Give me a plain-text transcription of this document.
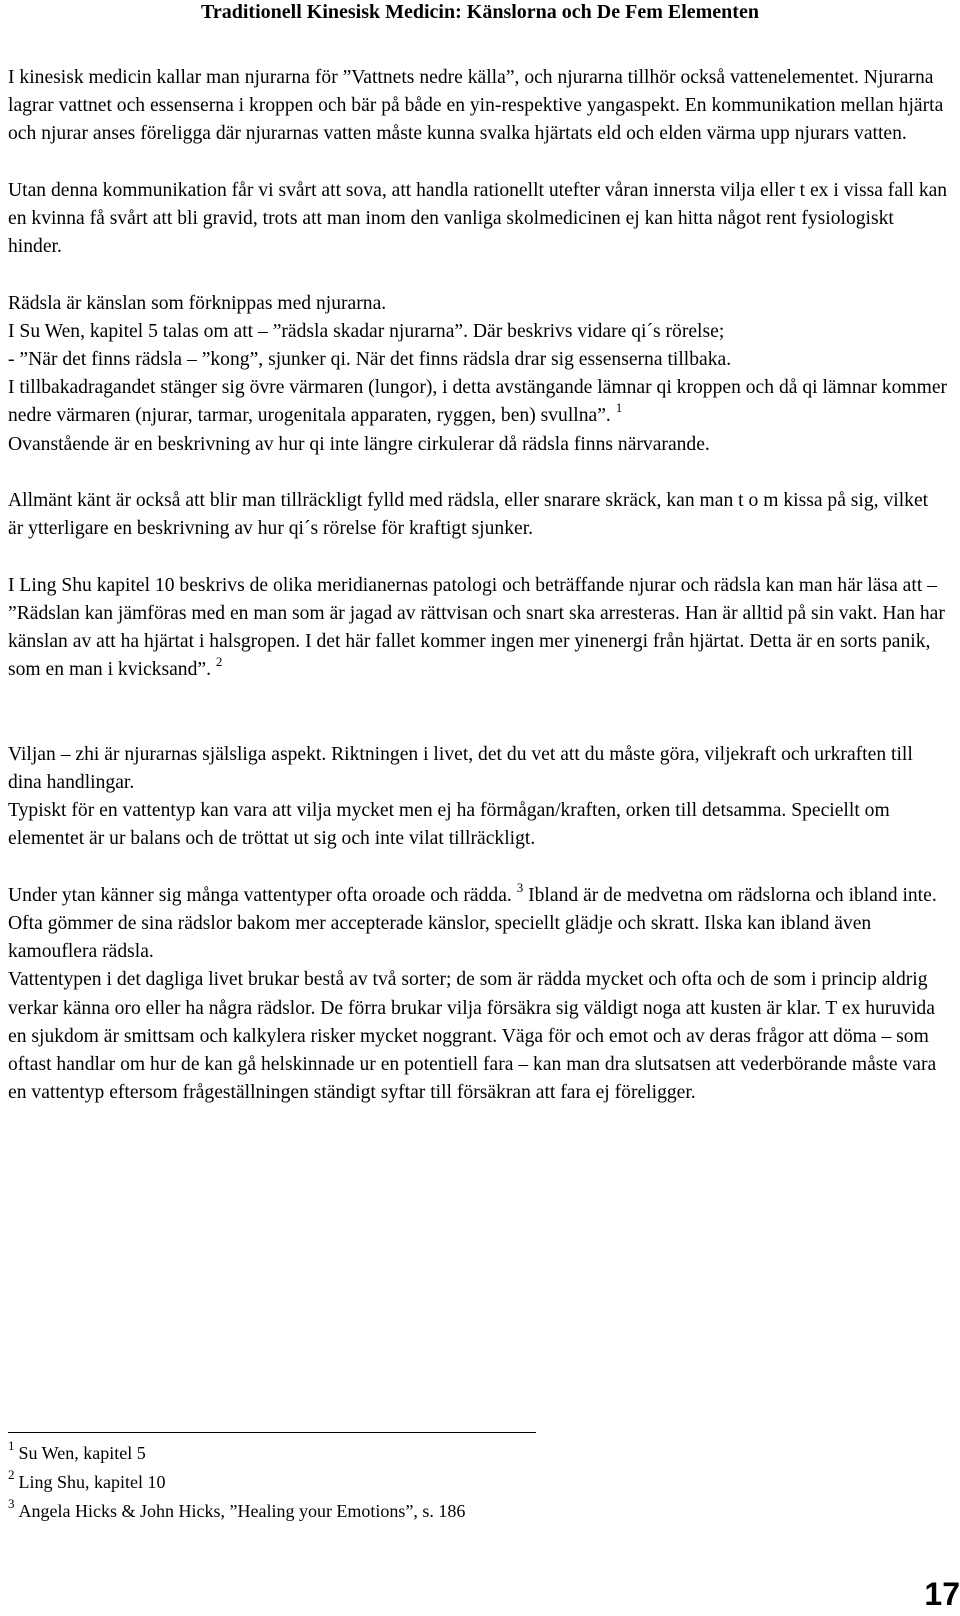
Traditionell Kinesisk Medicin: Känslorna och De Fem Elementen

I kinesisk medicin kallar man njurarna för ”Vattnets nedre källa”, och njurarna tillhör också vattenelementet. Njurarna lagrar vattnet och essenserna i kroppen och bär på både en yin-respektive yangaspekt. En kommunikation mellan hjärta och njurar anses föreligga där njurarnas vatten måste kunna svalka hjärtats eld och elden värma upp njurars vatten.

Utan denna kommunikation får vi svårt att sova, att handla rationellt utefter våran innersta vilja eller t ex i vissa fall kan en kvinna få svårt att bli gravid, trots att man inom den vanliga skolmedicinen ej kan hitta något rent fysiologiskt hinder.

Rädsla är känslan som förknippas med njurarna.

I Su Wen, kapitel 5 talas om att – ”rädsla skadar njurarna”. Där beskrivs vidare qi´s rörelse;

- ”När det finns rädsla – ”kong”, sjunker qi. När det finns rädsla drar sig essenserna tillbaka.

I tillbakadragandet stänger sig övre värmaren (lungor), i detta avstängande lämnar qi kroppen och då qi lämnar kommer nedre värmaren (njurar, tarmar, urogenitala apparaten, ryggen, ben) svullna”. $^1$

Ovanstående är en beskrivning av hur qi inte längre cirkulerar då rädsla finns närvarande.

Allmänt känt är också att blir man tillräckligt fylld med rädsla, eller snarare skräck, kan man t o m kissa på sig, vilket är ytterligare en beskrivning av hur qi´s rörelse för kraftigt sjunker.

I Ling Shu kapitel 10 beskrivs de olika meridianernas patologi och beträffande njurar och rädsla kan man här läsa att – ”Rädslan kan jämföras med en man som är jagad av rättvisan och snart ska arresteras. Han är alltid på sin vakt. Han har känslan av att ha hjärtat i halsgropen. I det här fallet kommer ingen mer yinenergi från hjärtat. Detta är en sorts panik, som en man i kvicksand”. $^2$

Viljan – zhi är njurarnas själsliga aspekt. Riktningen i livet, det du vet att du måste göra, viljekraft och urkraften till dina handlingar.

Typiskt för en vattentyp kan vara att vilja mycket men ej ha förmågan/kraften, orken till detsamma. Speciellt om elementet är ur balans och de tröttat ut sig och inte vilat tillräckligt.

Under ytan känner sig många vattentyper ofta oroade och rädda. $^3$ Ibland är de medvetna om rädslorna och ibland inte. Ofta gömmer de sina rädslor bakom mer accepterade känslor, speciellt glädje och skratt. Ilska kan ibland även kamouflera rädsla.

Vattentypen i det dagliga livet brukar bestå av två sorter; de som är rädda mycket och ofta och de som i princip aldrig verkar känna oro eller ha några rädslor. De förra brukar vilja försäkra sig väldigt noga att kusten är klar. T ex huruvida en sjukdom är smittsam och kalkylera risker mycket noggrant. Väga för och emot och av deras frågor att döma – som oftast handlar om hur de kan gå helskinnade ur en potentiell fara – kan man dra slutsatsen att vederbörande måste vara en vattentyp eftersom frågeställningen ständigt syftar till försäkran att fara ej föreligger.

1 Su Wen, kapitel 5

2 Ling Shu, kapitel 10

3 Angela Hicks & John Hicks, ”Healing your Emotions”, s. 186

17
